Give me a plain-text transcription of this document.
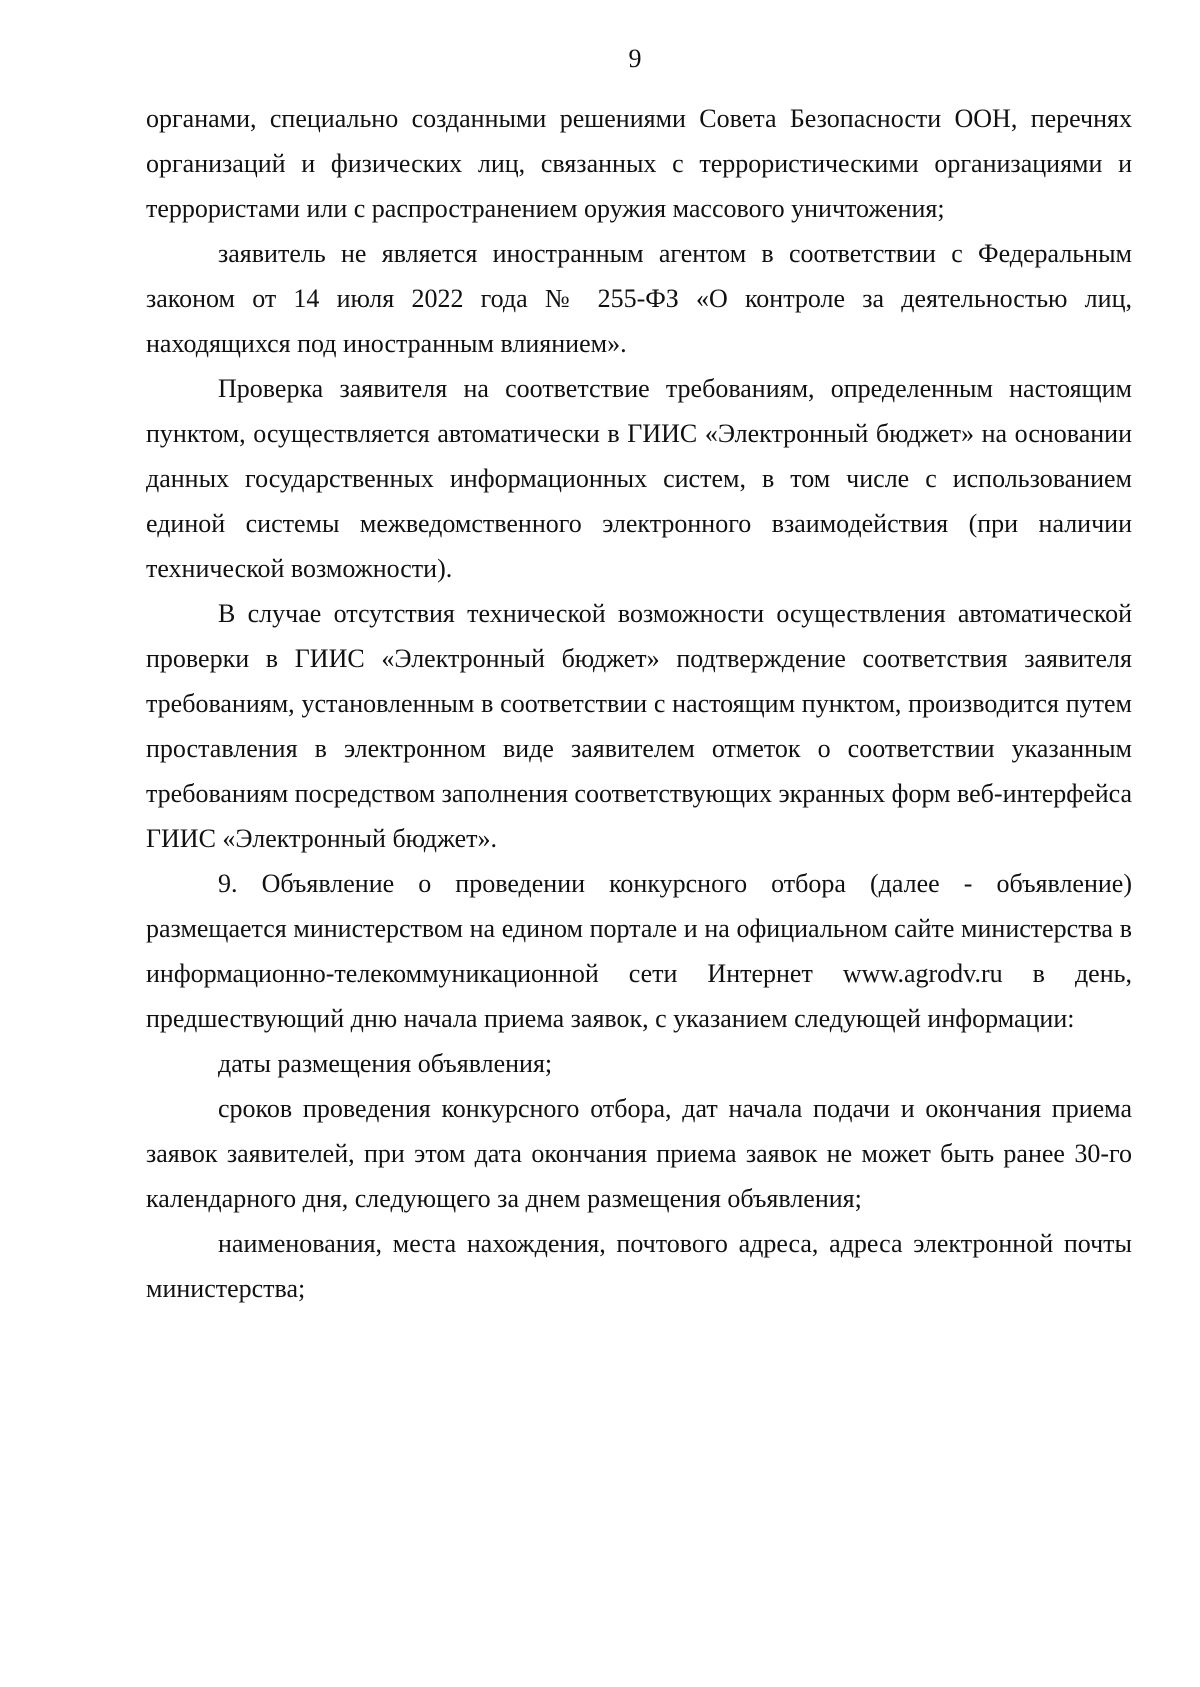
9

органами, специально созданными решениями Совета Безопасности ООН, перечнях организаций и физических лиц, связанных с террористическими организациями и террористами или с распространением оружия массового уничтожения;

заявитель не является иностранным агентом в соответствии с Федеральным законом от 14 июля 2022 года № 255-ФЗ «О контроле за деятельностью лиц, находящихся под иностранным влиянием».

Проверка заявителя на соответствие требованиям, определенным настоящим пунктом, осуществляется автоматически в ГИИС «Электронный бюджет» на основании данных государственных информационных систем, в том числе с использованием единой системы межведомственного электронного взаимодействия (при наличии технической возможности).

В случае отсутствия технической возможности осуществления автоматической проверки в ГИИС «Электронный бюджет» подтверждение соответствия заявителя требованиям, установленным в соответствии с настоящим пунктом, производится путем проставления в электронном виде заявителем отметок о соответствии указанным требованиям посредством заполнения соответствующих экранных форм веб-интерфейса ГИИС «Электронный бюджет».

9. Объявление о проведении конкурсного отбора (далее - объявление) размещается министерством на едином портале и на официальном сайте министерства в информационно-телекоммуникационной сети Интернет www.agrodv.ru в день, предшествующий дню начала приема заявок, с указанием следующей информации:

даты размещения объявления;

сроков проведения конкурсного отбора, дат начала подачи и окончания приема заявок заявителей, при этом дата окончания приема заявок не может быть ранее 30-го календарного дня, следующего за днем размещения объявления;

наименования, места нахождения, почтового адреса, адреса электронной почты министерства;
